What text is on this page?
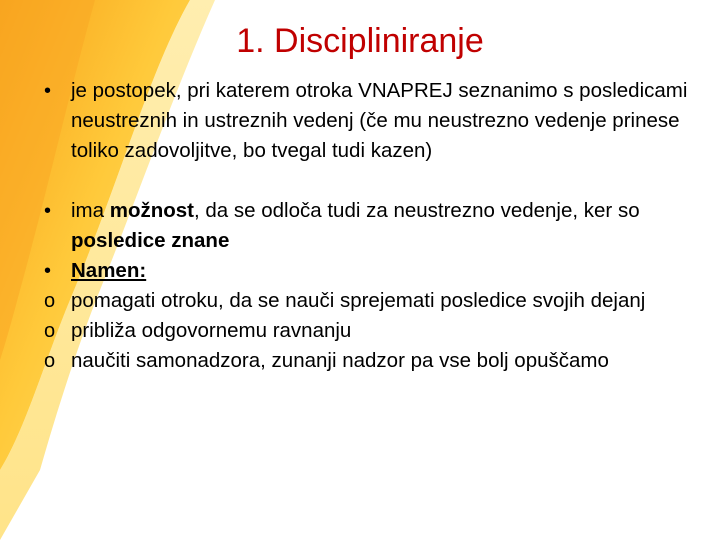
1. Discipliniranje
• je postopek, pri katerem otroka VNAPREJ seznanimo s posledicami neustreznih in ustreznih vedenj (če mu neustrezno vedenje prinese toliko zadovoljitve, bo tvegal tudi kazen)
• ima možnost, da se odloča tudi za neustrezno vedenje, ker so posledice znane
• Namen:
o pomagati otroku, da se nauči sprejemati posledice svojih dejanj
o približa odgovornemu ravnanju
o naučiti samonadzora, zunanji nadzor pa vse bolj opuščamo
